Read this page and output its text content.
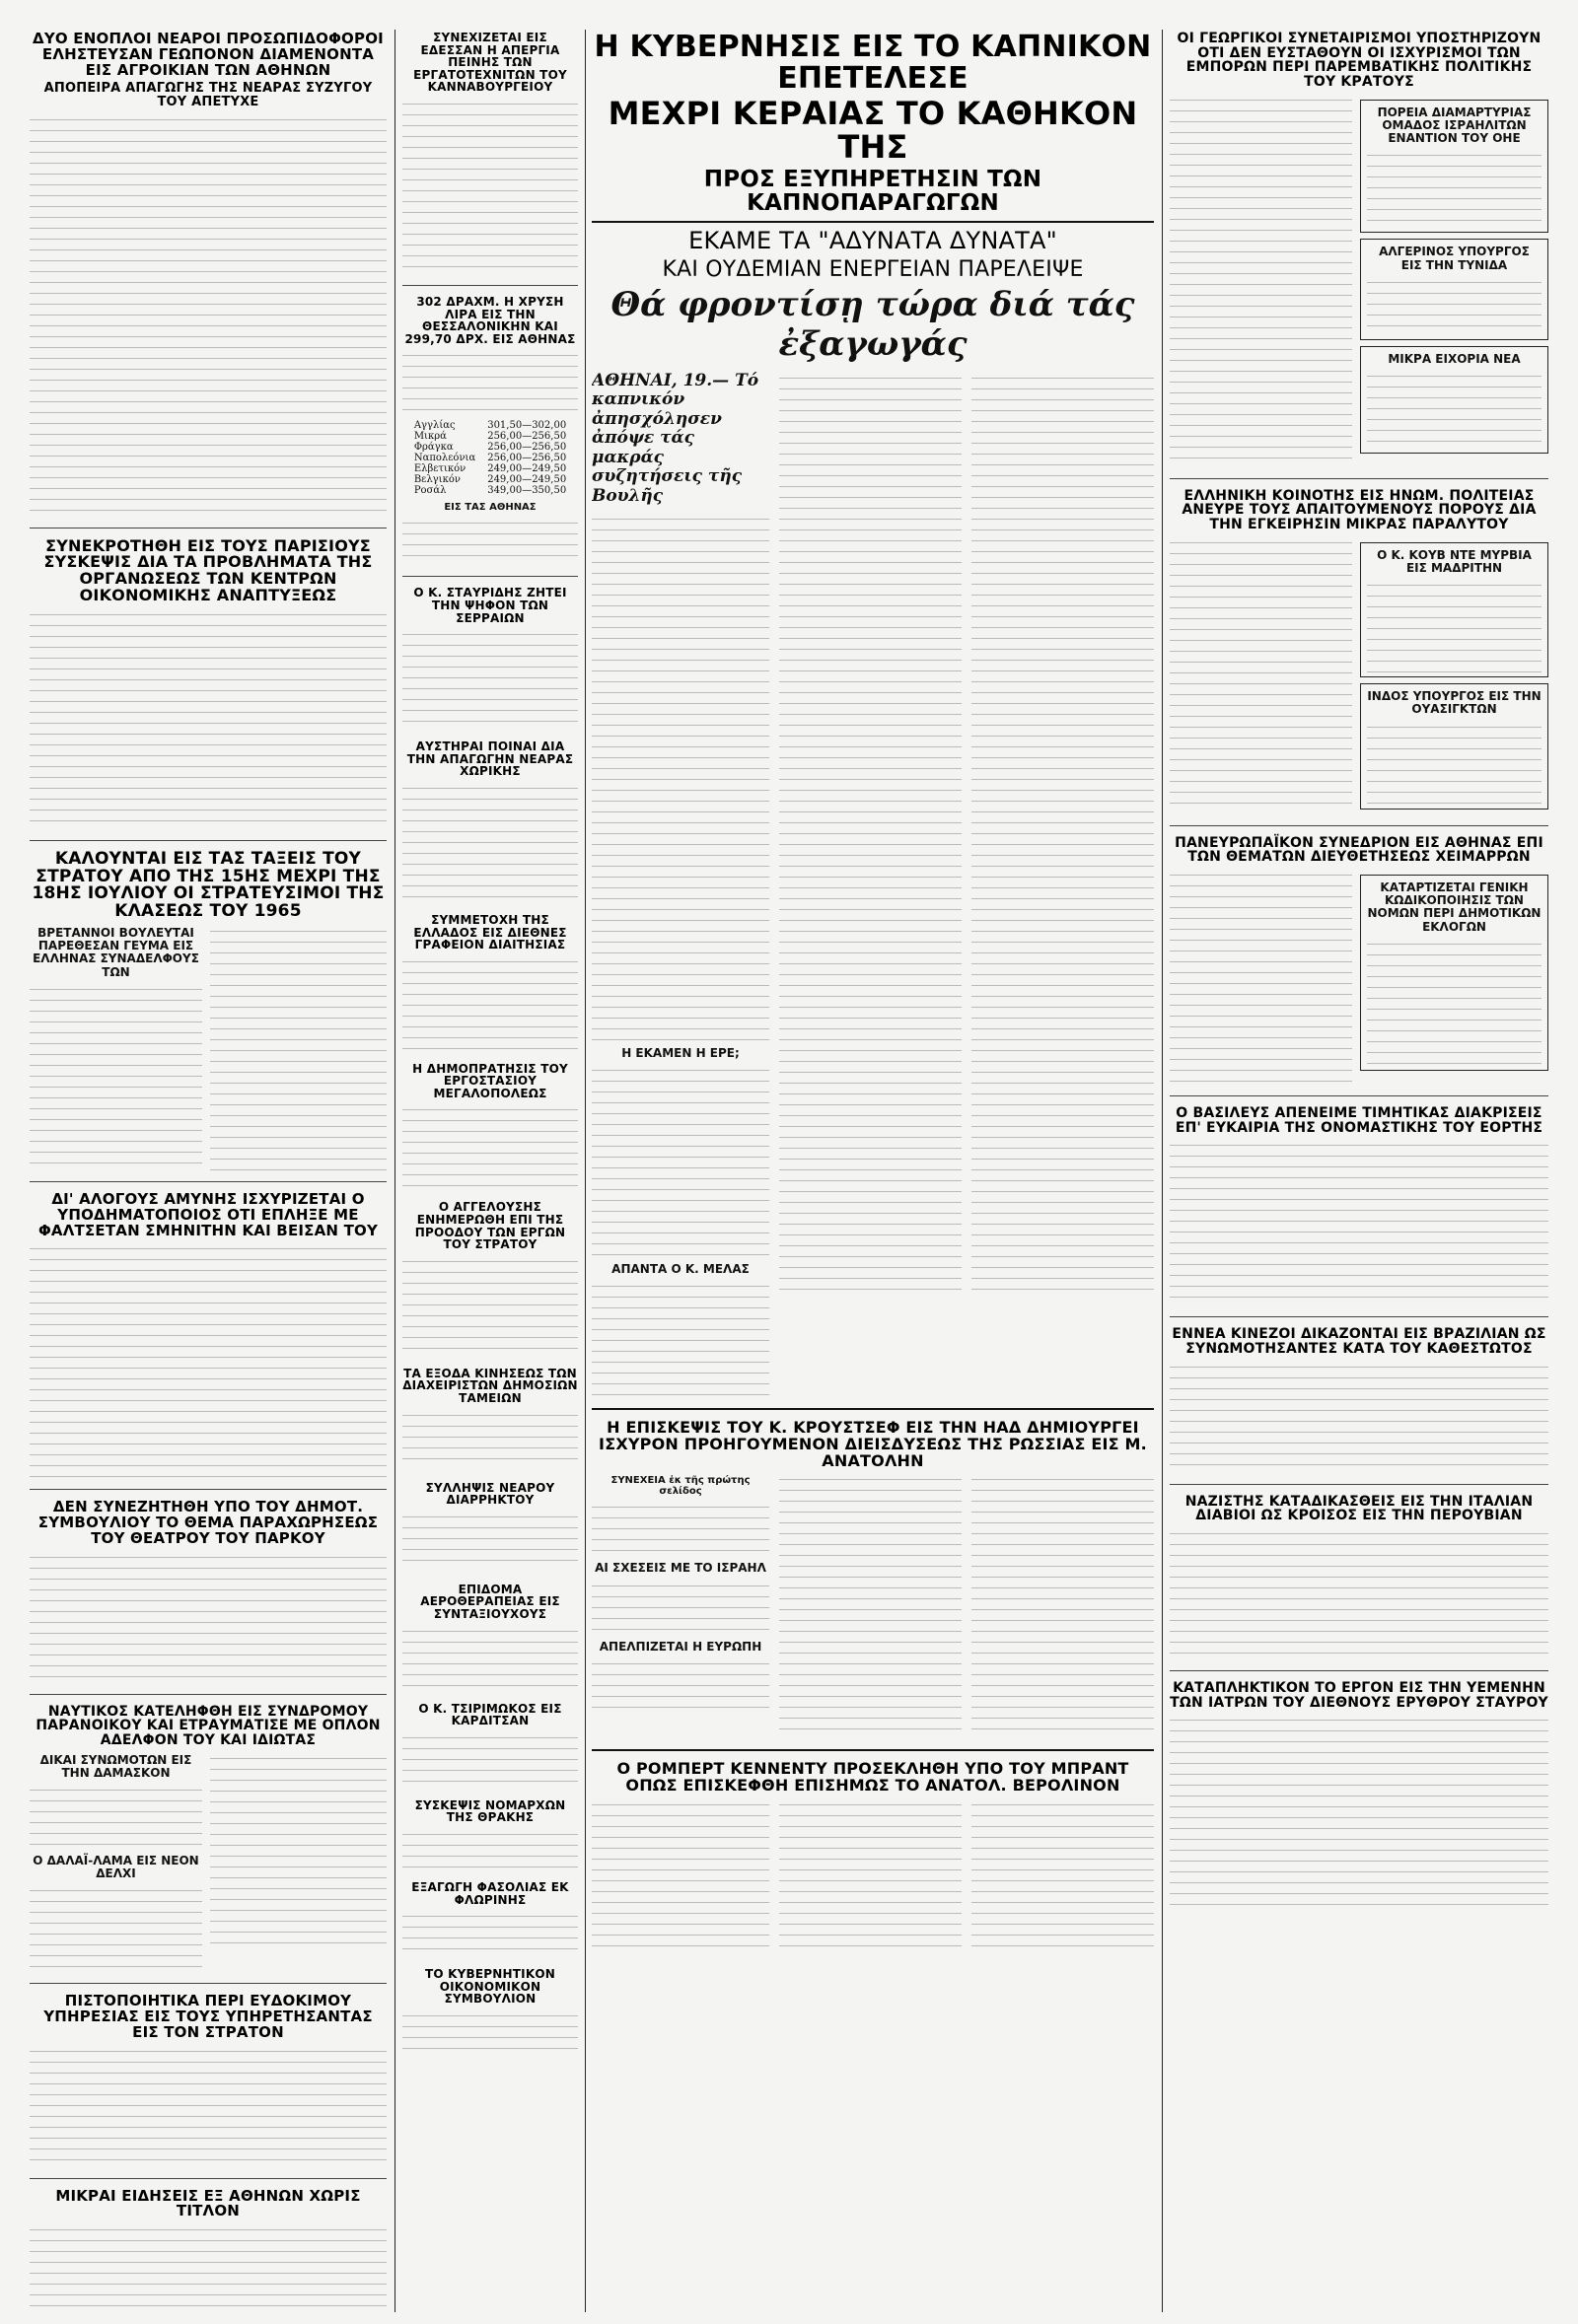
ΔΥΟ ΕΝΟΠΛΟΙ ΝΕΑΡΟΙ ΠΡΟΣΩΠΙΔΟΦΟΡΟΙ ΕΛΗΣΤΕΥΣΑΝ ΓΕΩΠΟΝΟΝ ΔΙΑΜΕΝΟΝΤΑ ΕΙΣ ΑΓΡΟΙΚΙΑΝ ΤΩΝ ΑΘΗΝΩΝ
ΑΠΟΠΕΙΡΑ ΑΠΑΓΩΓΗΣ ΤΗΣ ΝΕΑΡΑΣ ΣΥΖΥΓΟΥ ΤΟΥ ΑΠΕΤΥΧΕ
ΣΥΝΕΚΡΟΤΗΘΗ ΕΙΣ ΤΟΥΣ ΠΑΡΙΣΙΟΥΣ ΣΥΣΚΕΨΙΣ ΔΙΑ ΤΑ ΠΡΟΒΛΗΜΑΤΑ ΤΗΣ ΟΡΓΑΝΩΣΕΩΣ ΤΩΝ ΚΕΝΤΡΩΝ ΟΙΚΟΝΟΜΙΚΗΣ ΑΝΑΠΤΥΞΕΩΣ
ΚΑΛΟΥΝΤΑΙ ΕΙΣ ΤΑΣ ΤΑΞΕΙΣ ΤΟΥ ΣΤΡΑΤΟΥ ΑΠΟ ΤΗΣ 15ΗΣ ΜΕΧΡΙ ΤΗΣ 18ΗΣ ΙΟΥΛΙΟΥ ΟΙ ΣΤΡΑΤΕΥΣΙΜΟΙ ΤΗΣ ΚΛΑΣΕΩΣ ΤΟΥ 1965
ΒΡΕΤΑΝΝΟΙ ΒΟΥΛΕΥΤΑΙ ΠΑΡΕΘΕΣΑΝ ΓΕΥΜΑ ΕΙΣ ΕΛΛΗΝΑΣ ΣΥΝΑΔΕΛΦΟΥΣ ΤΩΝ
ΔΙ' ΑΛΟΓΟΥΣ ΑΜΥΝΗΣ ΙΣΧΥΡΙΖΕΤΑΙ Ο ΥΠΟΔΗΜΑΤΟΠΟΙΟΣ ΟΤΙ ΕΠΛΗΞΕ ΜΕ ΦΑΛΤΣΕΤΑΝ ΣΜΗΝΙΤΗΝ ΚΑΙ ΒΕΙΣΑΝ ΤΟΥ
ΔΕΝ ΣΥΝΕΖΗΤΗΘΗ ΥΠΟ ΤΟΥ ΔΗΜΟΤ. ΣΥΜΒΟΥΛΙΟΥ ΤΟ ΘΕΜΑ ΠΑΡΑΧΩΡΗΣΕΩΣ ΤΟΥ ΘΕΑΤΡΟΥ ΤΟΥ ΠΑΡΚΟΥ
ΝΑΥΤΙΚΟΣ ΚΑΤΕΛΗΦΘΗ ΕΙΣ ΣΥΝΔΡΟΜΟΥ ΠΑΡΑΝΟΙΚΟΥ ΚΑΙ ΕΤΡΑΥΜΑΤΙΣΕ ΜΕ ΟΠΛΟΝ ΑΔΕΛΦΟΝ ΤΟΥ ΚΑΙ ΙΔΙΩΤΑΣ
ΔΙΚΑΙ ΣΥΝΩΜΟΤΩΝ ΕΙΣ ΤΗΝ ΔΑΜΑΣΚΟΝ
Ο ΔΑΛΑΪ-ΛΑΜΑ ΕΙΣ ΝΕΟΝ ΔΕΛΧΙ
ΠΙΣΤΟΠΟΙΗΤΙΚΑ ΠΕΡΙ ΕΥΔΟΚΙΜΟΥ ΥΠΗΡΕΣΙΑΣ ΕΙΣ ΤΟΥΣ ΥΠΗΡΕΤΗΣΑΝΤΑΣ ΕΙΣ ΤΟΝ ΣΤΡΑΤΟΝ
ΜΙΚΡΑΙ ΕΙΔΗΣΕΙΣ ΕΞ ΑΘΗΝΩΝ ΧΩΡΙΣ ΤΙΤΛΟΝ
ΣΥΝΕΧΙΖΕΤΑΙ ΕΙΣ ΕΔΕΣΣΑΝ Η ΑΠΕΡΓΙΑ ΠΕΙΝΗΣ ΤΩΝ ΕΡΓΑΤΟΤΕΧΝΙΤΩΝ ΤΟΥ ΚΑΝΝΑΒΟΥΡΓΕΙΟΥ
302 ΔΡΑΧΜ. Η ΧΡΥΣΗ ΛΙΡΑ ΕΙΣ ΤΗΝ ΘΕΣΣΑΛΟΝΙΚΗΝ ΚΑΙ 299,70 ΔΡΧ. ΕΙΣ ΑΘΗΝΑΣ
Αγγλίας	301,50—302,00
Μικρά	256,00—256,50
Φράγκα	256,00—256,50
Ναπολεόνια	256,00—256,50
Ελβετικόν	249,00—249,50
Βελγικόν	249,00—249,50
Ροσάλ	349,00—350,50
ΕΙΣ ΤΑΣ ΑΘΗΝΑΣ
Ο Κ. ΣΤΑΥΡΙΔΗΣ ΖΗΤΕΙ ΤΗΝ ΨΗΦΟΝ ΤΩΝ ΣΕΡΡΑΙΩΝ
ΑΥΣΤΗΡΑΙ ΠΟΙΝΑΙ ΔΙΑ ΤΗΝ ΑΠΑΓΩΓΗΝ ΝΕΑΡΑΣ ΧΩΡΙΚΗΣ
ΣΥΜΜΕΤΟΧΗ ΤΗΣ ΕΛΛΑΔΟΣ ΕΙΣ ΔΙΕΘΝΕΣ ΓΡΑΦΕΙΟΝ ΔΙΑΙΤΗΣΙΑΣ
Η ΔΗΜΟΠΡΑΤΗΣΙΣ ΤΟΥ ΕΡΓΟΣΤΑΣΙΟΥ ΜΕΓΑΛΟΠΟΛΕΩΣ
Ο ΑΓΓΕΛΟΥΣΗΣ ΕΝΗΜΕΡΩΘΗ ΕΠΙ ΤΗΣ ΠΡΟΟΔΟΥ ΤΩΝ ΕΡΓΩΝ ΤΟΥ ΣΤΡΑΤΟΥ
ΤΑ ΕΞΟΔΑ ΚΙΝΗΣΕΩΣ ΤΩΝ ΔΙΑΧΕΙΡΙΣΤΩΝ ΔΗΜΟΣΙΩΝ ΤΑΜΕΙΩΝ
ΣΥΛΛΗΨΙΣ ΝΕΑΡΟΥ ΔΙΑΡΡΗΚΤΟΥ
ΕΠΙΔΟΜΑ ΑΕΡΟΘΕΡΑΠΕΙΑΣ ΕΙΣ ΣΥΝΤΑΞΙΟΥΧΟΥΣ
Ο Κ. ΤΣΙΡΙΜΩΚΟΣ ΕΙΣ ΚΑΡΔΙΤΣΑΝ
ΣΥΣΚΕΨΙΣ ΝΟΜΑΡΧΩΝ ΤΗΣ ΘΡΑΚΗΣ
ΕΞΑΓΩΓΗ ΦΑΣΟΛΙΑΣ ΕΚ ΦΛΩΡΙΝΗΣ
ΤΟ ΚΥΒΕΡΝΗΤΙΚΟΝ ΟΙΚΟΝΟΜΙΚΟΝ ΣΥΜΒΟΥΛΙΟΝ
Η ΚΥΒΕΡΝΗΣΙΣ ΕΙΣ ΤΟ ΚΑΠΝΙΚΟΝ ΕΠΕΤΕΛΕΣΕ
ΜΕΧΡΙ ΚΕΡΑΙΑΣ ΤΟ ΚΑΘΗΚΟΝ ΤΗΣ
ΠΡΟΣ ΕΞΥΠΗΡΕΤΗΣΙΝ ΤΩΝ ΚΑΠΝΟΠΑΡΑΓΩΓΩΝ
ΕΚΑΜΕ ΤΑ "ΑΔΥΝΑΤΑ ΔΥΝΑΤΑ"
ΚΑΙ ΟΥΔΕΜΙΑΝ ΕΝΕΡΓΕΙΑΝ ΠΑΡΕΛΕΙΨΕ
Θά φροντίσῃ τώρα διά τάς ἐξαγωγάς
ΑΘΗΝΑΙ, 19.— Τό καπνικόν ἀπησχόλησεν ἀπόψε τάς μακράς συζητήσεις τῆς Βουλῆς
Η ΕΚΑΜΕΝ Η ΕΡΕ;
ΑΠΑΝΤΑ Ο Κ. ΜΕΛΑΣ
Η ΕΠΙΣΚΕΨΙΣ ΤΟΥ Κ. ΚΡΟΥΣΤΣΕΦ ΕΙΣ ΤΗΝ ΗΑΔ ΔΗΜΙΟΥΡΓΕΙ ΙΣΧΥΡΟΝ ΠΡΟΗΓΟΥΜΕΝΟΝ ΔΙΕΙΣΔΥΣΕΩΣ ΤΗΣ ΡΩΣΣΙΑΣ ΕΙΣ Μ. ΑΝΑΤΟΛΗΝ
ΣΥΝΕΧΕΙΑ ἐκ τῆς πρώτης σελίδος
ΑΙ ΣΧΕΣΕΙΣ ΜΕ ΤΟ ΙΣΡΑΗΛ
ΑΠΕΛΠΙΖΕΤΑΙ Η ΕΥΡΩΠΗ
Ο ΡΟΜΠΕΡΤ ΚΕΝΝΕΝΤΥ ΠΡΟΣΕΚΛΗΘΗ ΥΠΟ ΤΟΥ ΜΠΡΑΝΤ ΟΠΩΣ ΕΠΙΣΚΕΦΘΗ ΕΠΙΣΗΜΩΣ ΤΟ ΑΝΑΤΟΛ. ΒΕΡΟΛΙΝΟΝ
ΟΙ ΓΕΩΡΓΙΚΟΙ ΣΥΝΕΤΑΙΡΙΣΜΟΙ ΥΠΟΣΤΗΡΙΖΟΥΝ ΟΤΙ ΔΕΝ ΕΥΣΤΑΘΟΥΝ ΟΙ ΙΣΧΥΡΙΣΜΟΙ ΤΩΝ ΕΜΠΟΡΩΝ ΠΕΡΙ ΠΑΡΕΜΒΑΤΙΚΗΣ ΠΟΛΙΤΙΚΗΣ ΤΟΥ ΚΡΑΤΟΥΣ
ΠΟΡΕΙΑ ΔΙΑΜΑΡΤΥΡΙΑΣ ΟΜΑΔΟΣ ΙΣΡΑΗΛΙΤΩΝ ΕΝΑΝΤΙΟΝ ΤΟΥ ΟΗΕ
ΑΛΓΕΡΙΝΟΣ ΥΠΟΥΡΓΟΣ ΕΙΣ ΤΗΝ ΤΥΝΙΔΑ
ΜΙΚΡΑ ΕΙΧΟΡΙΑ ΝΕΑ
ΕΛΛΗΝΙΚΗ ΚΟΙΝΟΤΗΣ ΕΙΣ ΗΝΩΜ. ΠΟΛΙΤΕΙΑΣ ΑΝΕΥΡΕ ΤΟΥΣ ΑΠΑΙΤΟΥΜΕΝΟΥΣ ΠΟΡΟΥΣ ΔΙΑ ΤΗΝ ΕΓΚΕΙΡΗΣΙΝ ΜΙΚΡΑΣ ΠΑΡΑΛΥΤΟΥ
Ο Κ. ΚΟΥΒ ΝΤΕ ΜΥΡΒΙΑ ΕΙΣ ΜΑΔΡΙΤΗΝ
ΙΝΔΟΣ ΥΠΟΥΡΓΟΣ ΕΙΣ ΤΗΝ ΟΥΑΣΙΓΚΤΩΝ
ΠΑΝΕΥΡΩΠΑΪΚΟΝ ΣΥΝΕΔΡΙΟΝ ΕΙΣ ΑΘΗΝΑΣ ΕΠΙ ΤΩΝ ΘΕΜΑΤΩΝ ΔΙΕΥΘΕΤΗΣΕΩΣ ΧΕΙΜΑΡΡΩΝ
ΚΑΤΑΡΤΙΖΕΤΑΙ ΓΕΝΙΚΗ ΚΩΔΙΚΟΠΟΙΗΣΙΣ ΤΩΝ ΝΟΜΩΝ ΠΕΡΙ ΔΗΜΟΤΙΚΩΝ ΕΚΛΟΓΩΝ
Ο ΒΑΣΙΛΕΥΣ ΑΠΕΝΕΙΜΕ ΤΙΜΗΤΙΚΑΣ ΔΙΑΚΡΙΣΕΙΣ ΕΠ' ΕΥΚΑΙΡΙΑ ΤΗΣ ΟΝΟΜΑΣΤΙΚΗΣ ΤΟΥ ΕΟΡΤΗΣ
ΕΝΝΕΑ ΚΙΝΕΖΟΙ ΔΙΚΑΖΟΝΤΑΙ ΕΙΣ ΒΡΑΖΙΛΙΑΝ ΩΣ ΣΥΝΩΜΟΤΗΣΑΝΤΕΣ ΚΑΤΑ ΤΟΥ ΚΑΘΕΣΤΩΤΟΣ
ΝΑΖΙΣΤΗΣ ΚΑΤΑΔΙΚΑΣΘΕΙΣ ΕΙΣ ΤΗΝ ΙΤΑΛΙΑΝ ΔΙΑΒΙΟΙ ΩΣ ΚΡΟΙΣΟΣ ΕΙΣ ΤΗΝ ΠΕΡΟΥΒΙΑΝ
ΚΑΤΑΠΛΗΚΤΙΚΟΝ ΤΟ ΕΡΓΟΝ ΕΙΣ ΤΗΝ ΥΕΜΕΝΗΝ ΤΩΝ ΙΑΤΡΩΝ ΤΟΥ ΔΙΕΘΝΟΥΣ ΕΡΥΘΡΟΥ ΣΤΑΥΡΟΥ
